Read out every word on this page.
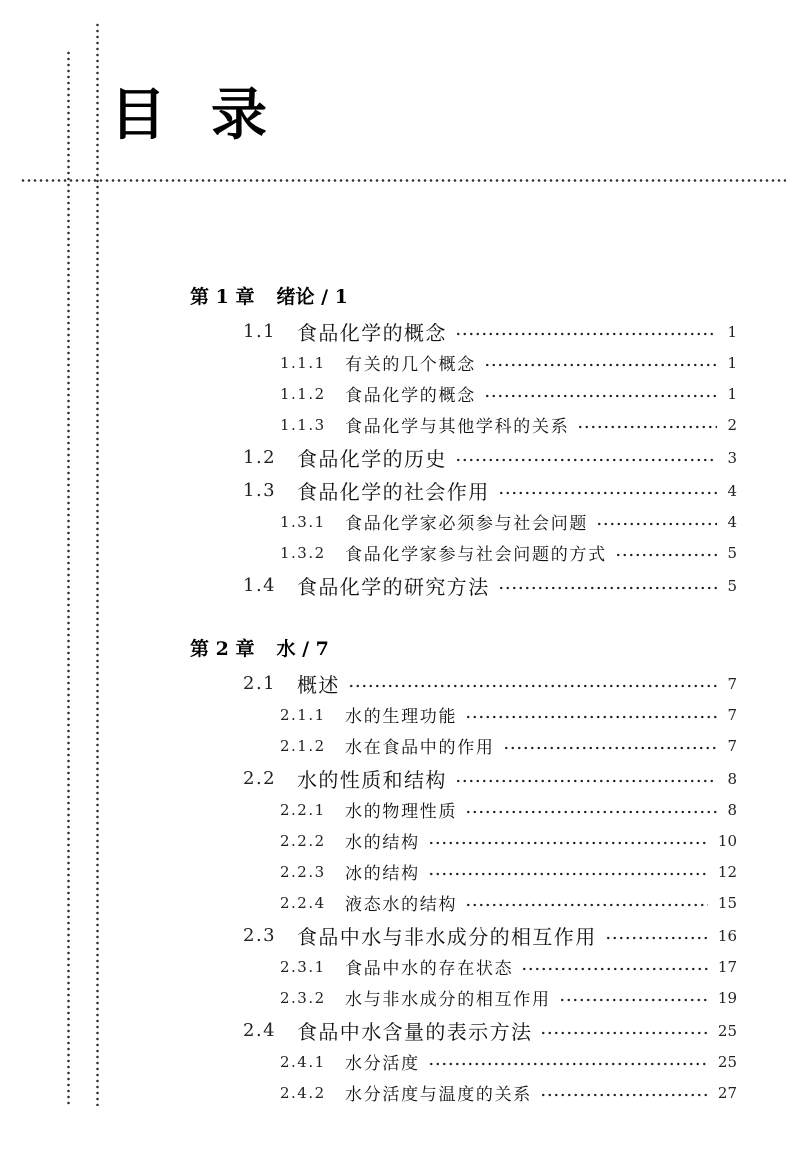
目 录
第 1 章 绪论 / 1
1.1	食品化学的概念	1
1.1.1	有关的几个概念	1
1.1.2	食品化学的概念	1
1.1.3	食品化学与其他学科的关系	2
1.2	食品化学的历史	3
1.3	食品化学的社会作用	4
1.3.1	食品化学家必须参与社会问题	4
1.3.2	食品化学家参与社会问题的方式	5
1.4	食品化学的研究方法	5
第 2 章 水 / 7
2.1	概述	7
2.1.1	水的生理功能	7
2.1.2	水在食品中的作用	7
2.2	水的性质和结构	8
2.2.1	水的物理性质	8
2.2.2	水的结构	10
2.2.3	冰的结构	12
2.2.4	液态水的结构	15
2.3	食品中水与非水成分的相互作用	16
2.3.1	食品中水的存在状态	17
2.3.2	水与非水成分的相互作用	19
2.4	食品中水含量的表示方法	25
2.4.1	水分活度	25
2.4.2	水分活度与温度的关系	27
